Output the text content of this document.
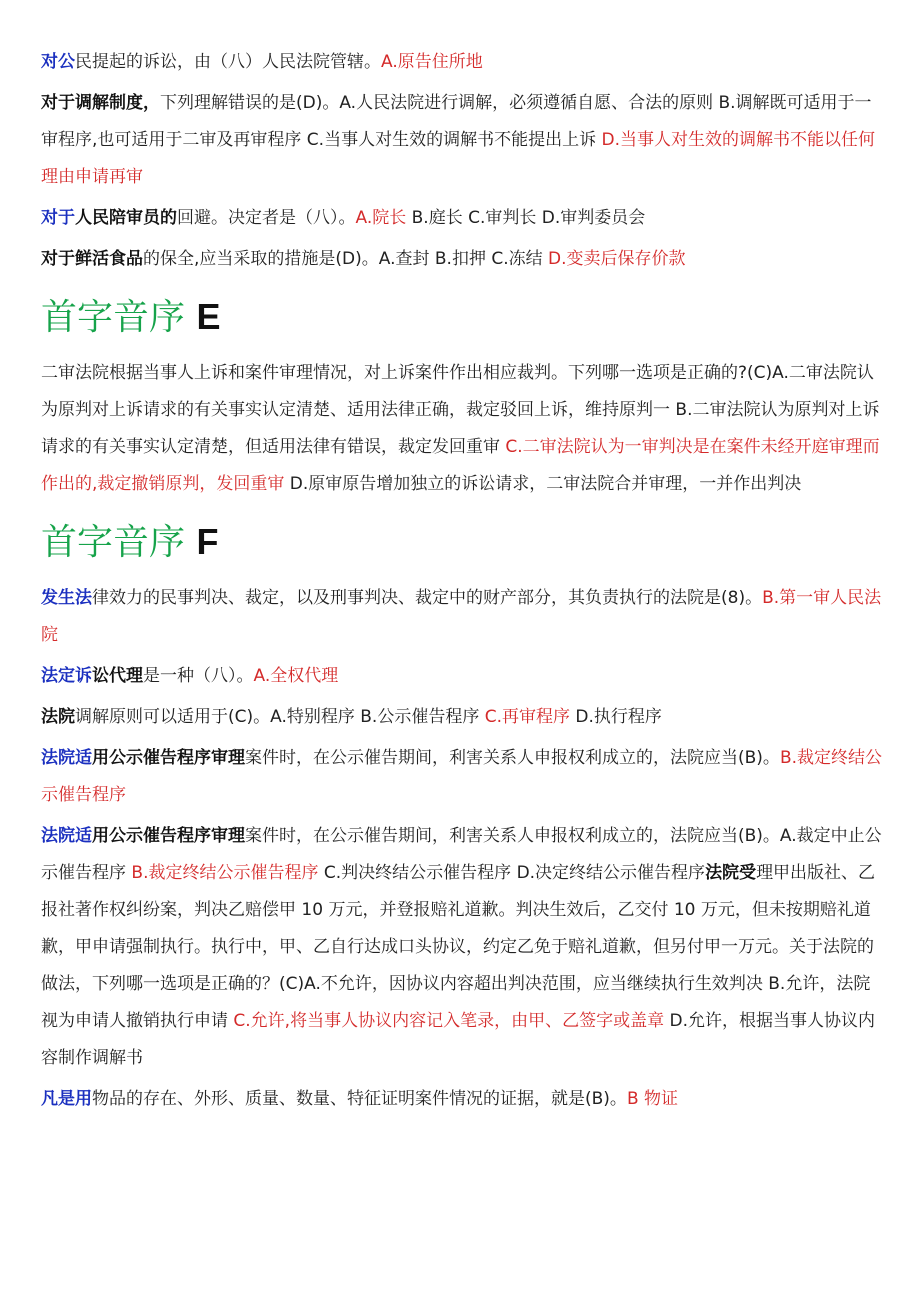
对公民提起的诉讼，由（八）人民法院管辖。A.原告住所地

对于调解制度，下列理解错误的是(D)。A.人民法院进行调解，必须遵循自愿、合法的原则 B.调解既可适用于一审程序,也可适用于二审及再审程序 C.当事人对生效的调解书不能提出上诉 D.当事人对生效的调解书不能以任何理由申请再审

对于人民陪审员的回避。决定者是（八）。A.院长 B.庭长 C.审判长 D.审判委员会

对于鲜活食品的保全,应当采取的措施是(D)。A.查封 B.扣押 C.冻结 D.变卖后保存价款

首字音序 E

二审法院根据当事人上诉和案件审理情况，对上诉案件作出相应裁判。下列哪一选项是正确的?(C)A.二审法院认为原判对上诉请求的有关事实认定清楚、适用法律正确，裁定驳回上诉，维持原判一 B.二审法院认为原判对上诉请求的有关事实认定清楚，但适用法律有错误，裁定发回重审 C.二审法院认为一审判决是在案件未经开庭审理而作出的,裁定撤销原判，发回重审 D.原审原告增加独立的诉讼请求，二审法院合并审理，一并作出判决

首字音序 F

发生法律效力的民事判决、裁定，以及刑事判决、裁定中的财产部分，其负责执行的法院是(8)。B.第一审人民法院

法定诉讼代理是一种（八）。A.全权代理

法院调解原则可以适用于(C)。A.特别程序 B.公示催告程序 C.再审程序 D.执行程序

法院适用公示催告程序审理案件时，在公示催告期间，利害关系人申报权利成立的，法院应当(B)。B.裁定终结公示催告程序

法院适用公示催告程序审理案件时，在公示催告期间，利害关系人申报权利成立的，法院应当(B)。A.裁定中止公示催告程序 B.裁定终结公示催告程序 C.判决终结公示催告程序 D.决定终结公示催告程序法院受理甲出版社、乙报社著作权纠纷案，判决乙赔偿甲 10 万元，并登报赔礼道歉。判决生效后，乙交付 10 万元，但未按期赔礼道歉，甲申请强制执行。执行中，甲、乙自行达成口头协议，约定乙免于赔礼道歉，但另付甲一万元。关于法院的做法，下列哪一选项是正确的？(C)A.不允许，因协议内容超出判决范围，应当继续执行生效判决 B.允许，法院视为申请人撤销执行申请 C.允许,将当事人协议内容记入笔录，由甲、乙签字或盖章 D.允许，根据当事人协议内容制作调解书

凡是用物品的存在、外形、质量、数量、特征证明案件情况的证据，就是(B)。B 物证
